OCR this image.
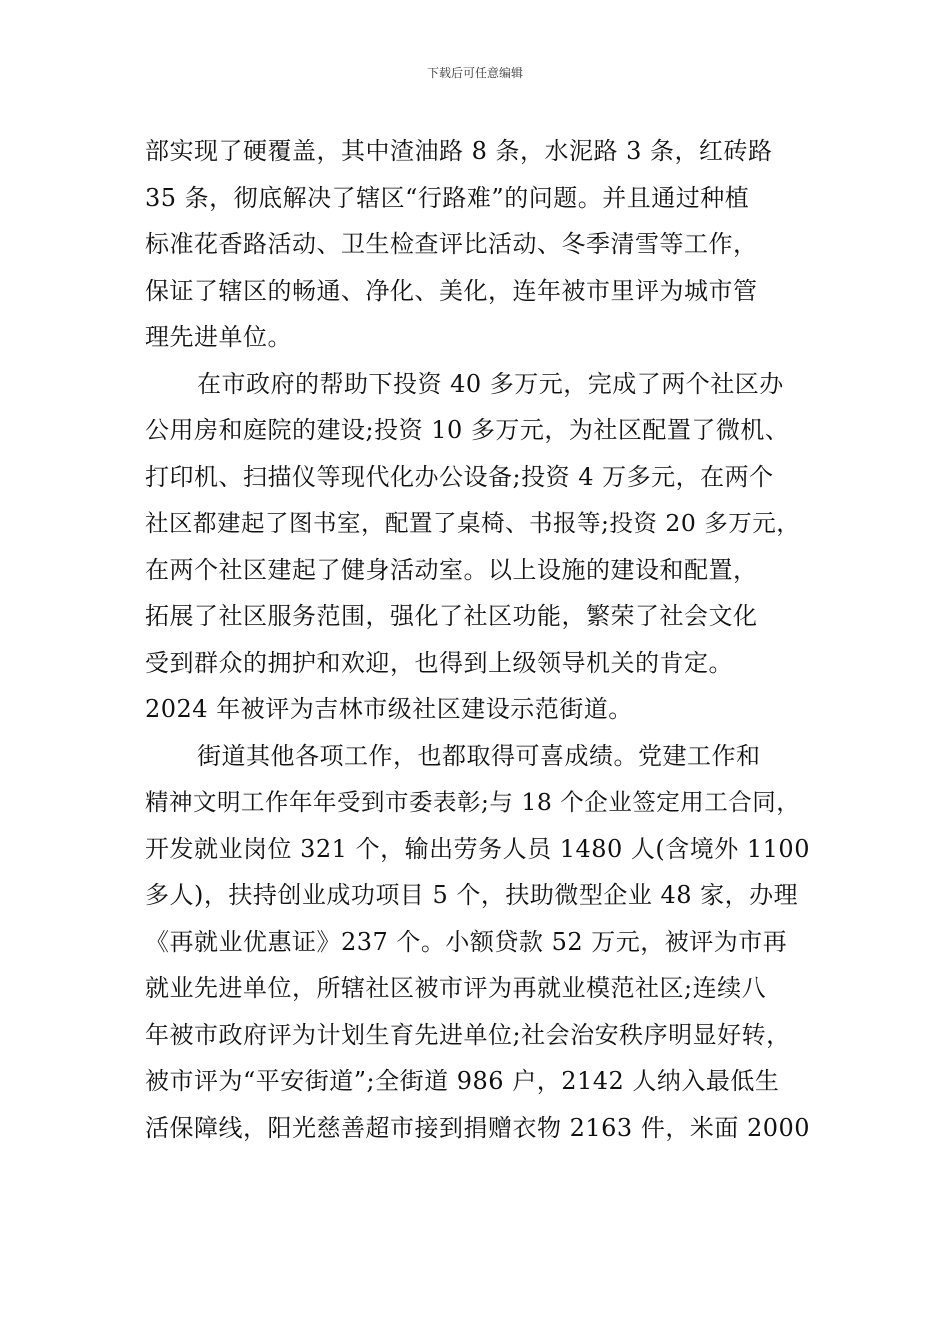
下载后可任意编辑
部实现了硬覆盖，其中渣油路 8 条，水泥路 3 条，红砖路
35 条，彻底解决了辖区“行路难”的问题。并且通过种植
标准花香路活动、卫生检查评比活动、冬季清雪等工作，
保证了辖区的畅通、净化、美化，连年被市里评为城市管
理先进单位。
在市政府的帮助下投资 40 多万元，完成了两个社区办
公用房和庭院的建设;投资 10 多万元，为社区配置了微机、
打印机、扫描仪等现代化办公设备;投资 4 万多元，在两个
社区都建起了图书室，配置了桌椅、书报等;投资 20 多万元，
在两个社区建起了健身活动室。以上设施的建设和配置，
拓展了社区服务范围，强化了社区功能，繁荣了社会文化
受到群众的拥护和欢迎，也得到上级领导机关的肯定。
2024 年被评为吉林市级社区建设示范街道。
街道其他各项工作，也都取得可喜成绩。党建工作和
精神文明工作年年受到市委表彰;与 18 个企业签定用工合同，
开发就业岗位 321 个，输出劳务人员 1480 人(含境外 1100
多人)，扶持创业成功项目 5 个，扶助微型企业 48 家，办理
《再就业优惠证》237 个。小额贷款 52 万元，被评为市再
就业先进单位，所辖社区被市评为再就业模范社区;连续八
年被市政府评为计划生育先进单位;社会治安秩序明显好转，
被市评为“平安街道”;全街道 986 户，2142 人纳入最低生
活保障线，阳光慈善超市接到捐赠衣物 2163 件，米面 2000
